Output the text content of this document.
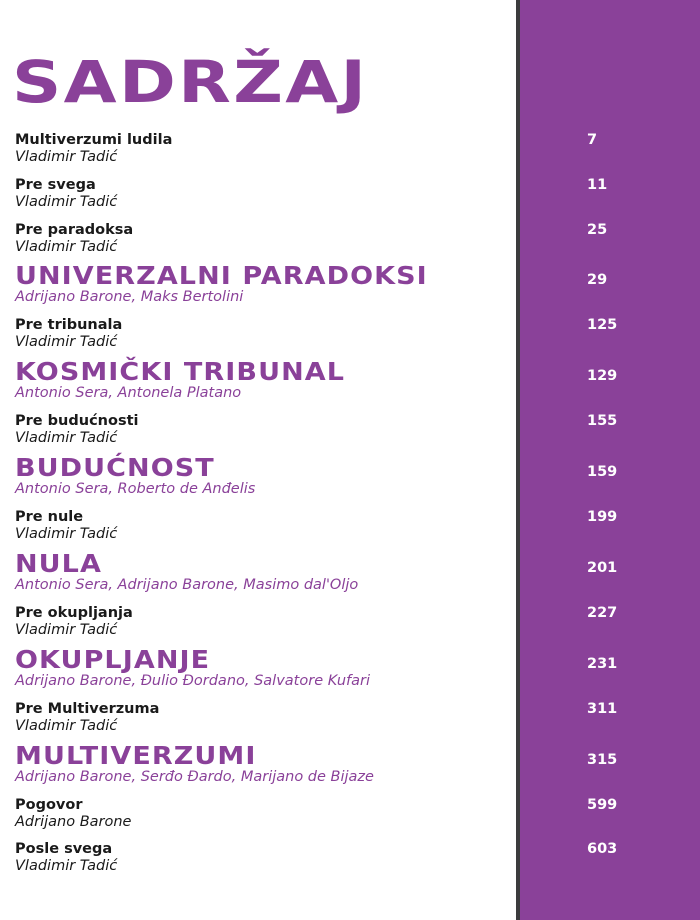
SADRŽAJ
Multiverzumi ludila
Vladimir Tadić
7
Pre svega
Vladimir Tadić
11
Pre paradoksa
Vladimir Tadić
25
UNIVERZALNI PARADOKSI
Adrijano Barone, Maks Bertolini
29
Pre tribunala
Vladimir Tadić
125
KOSMIČKI TRIBUNAL
Antonio Sera, Antonela Platano
129
Pre budućnosti
Vladimir Tadić
155
BUDUĆNOST
Antonio Sera, Roberto de Anđelis
159
Pre nule
Vladimir Tadić
199
NULA
Antonio Sera, Adrijano Barone, Masimo dal'Oljo
201
Pre okupljanja
Vladimir Tadić
227
OKUPLJANJE
Adrijano Barone, Đulio Đordano, Salvatore Kufari
231
Pre Multiverzuma
Vladimir Tadić
311
MULTIVERZUMI
Adrijano Barone, Serđo Đardo, Marijano de Bijaze
315
Pogovor
Adrijano Barone
599
Posle svega
Vladimir Tadić
603
